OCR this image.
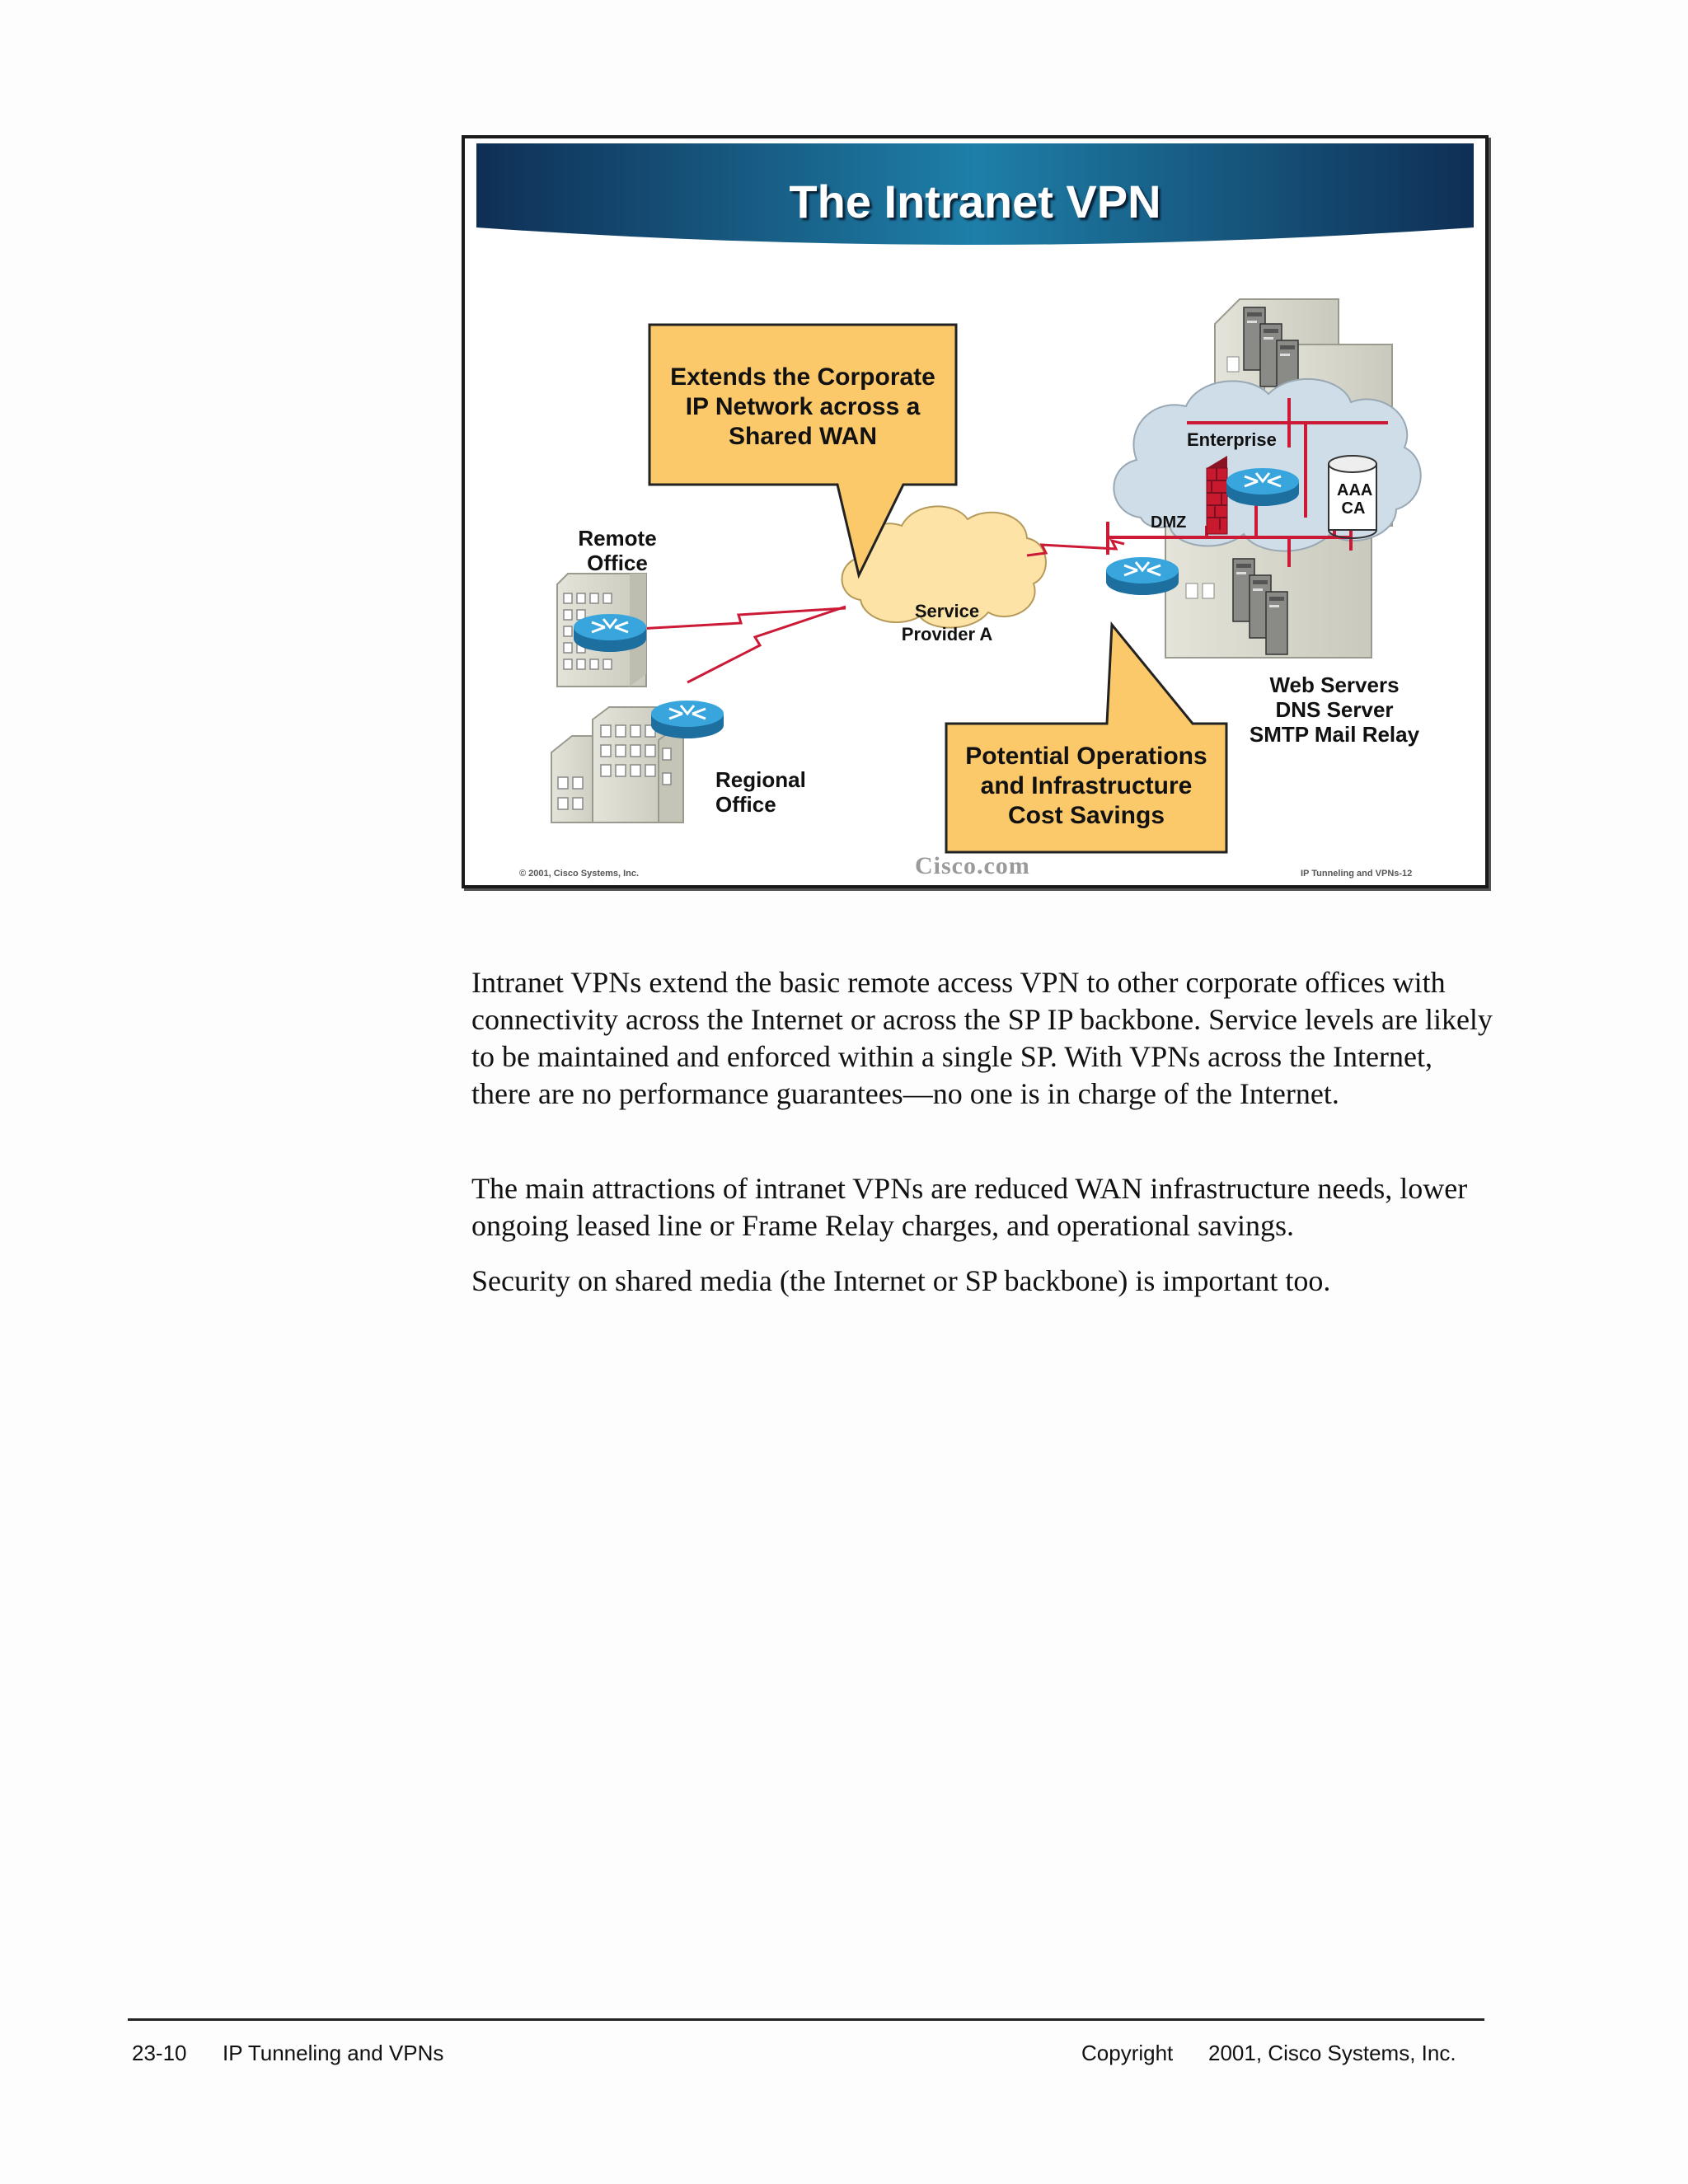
The Intranet VPN
Extends the Corporate
IP Network across a
Shared WAN
Potential Operations
and Infrastructure
Cost Savings
Remote
Office
Regional
Office
Service
Provider A
Enterprise
DMZ
AAA
CA
Web Servers
DNS Server
SMTP Mail Relay
© 2001, Cisco Systems, Inc.	Cisco.com	IP Tunneling and VPNs-12

Intranet VPNs extend the basic remote access VPN to other corporate offices with connectivity across the Internet or across the SP IP backbone. Service levels are likely to be maintained and enforced within a single SP. With VPNs across the Internet, there are no performance guarantees—no one is in charge of the Internet.

The main attractions of intranet VPNs are reduced WAN infrastructure needs, lower ongoing leased line or Frame Relay charges, and operational savings.

Security on shared media (the Internet or SP backbone) is important too.

23-10 IP Tunneling and VPNs	Copyright 2001, Cisco Systems, Inc.
